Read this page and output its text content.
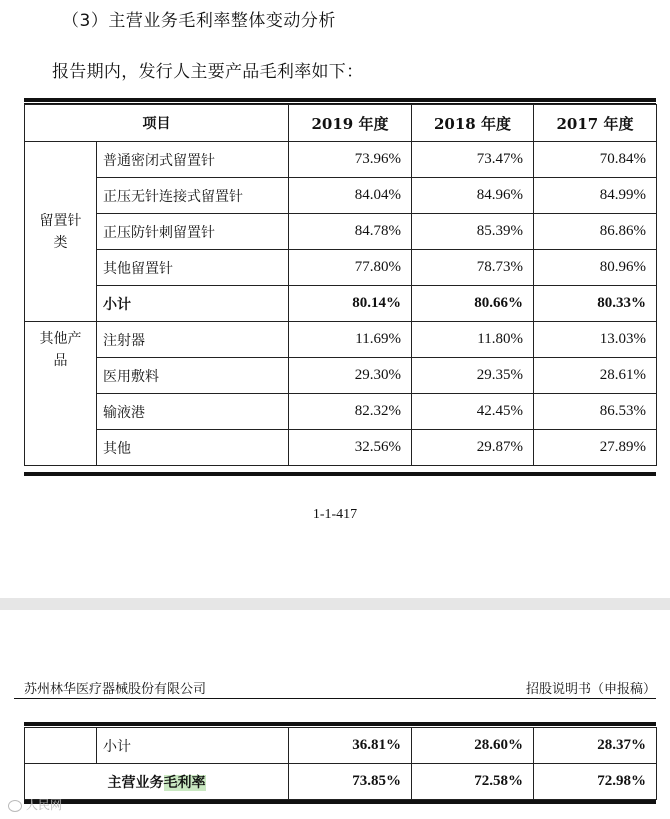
（3）主营业务毛利率整体变动分析
报告期内，发行人主要产品毛利率如下：
项目		2019 年度	2018 年度	2017 年度
留置针类	普通密闭式留置针	73.96%	73.47%	70.84%
	正压无针连接式留置针	84.04%	84.96%	84.99%
	正压防针刺留置针	84.78%	85.39%	86.86%
	其他留置针	77.80%	78.73%	80.96%
	小计	80.14%	80.66%	80.33%
其他产品	注射器	11.69%	11.80%	13.03%
	医用敷料	29.30%	29.35%	28.61%
	输液港	82.32%	42.45%	86.53%
	其他	32.56%	29.87%	27.89%
1-1-417
苏州林华医疗器械股份有限公司	招股说明书（申报稿）
	小计	36.81%	28.60%	28.37%
主营业务毛利率		73.85%	72.58%	72.98%
人民网
